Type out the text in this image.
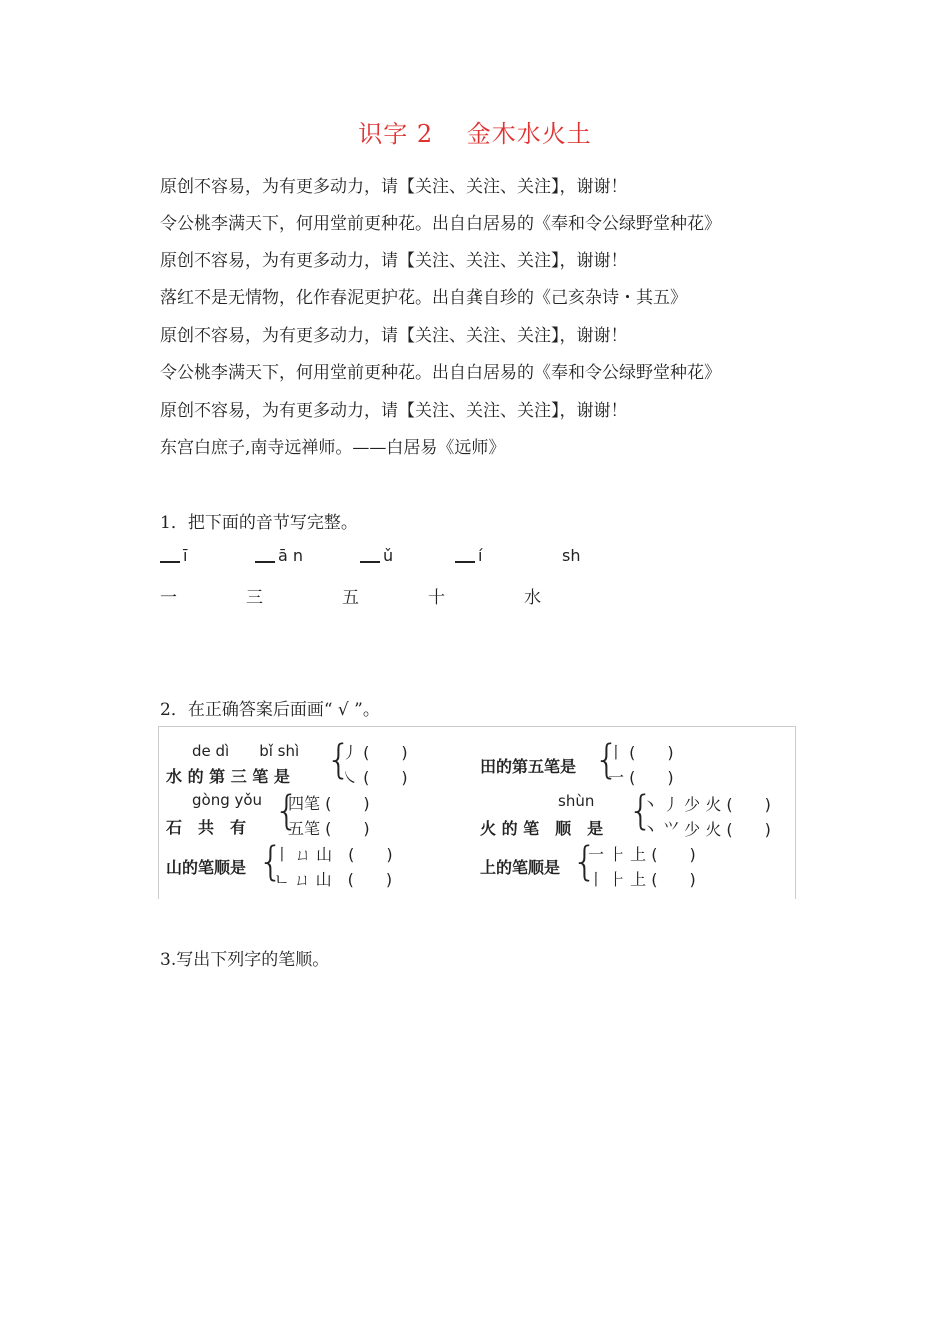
识字 2　 金木水火土
原创不容易，为有更多动力，请【关注、关注、关注】，谢谢！
令公桃李满天下，何用堂前更种花。出自白居易的《奉和令公绿野堂种花》
原创不容易，为有更多动力，请【关注、关注、关注】，谢谢！
落红不是无情物，化作春泥更护花。出自龚自珍的《己亥杂诗・其五》
原创不容易，为有更多动力，请【关注、关注、关注】，谢谢！
令公桃李满天下，何用堂前更种花。出自白居易的《奉和令公绿野堂种花》
原创不容易，为有更多动力，请【关注、关注、关注】，谢谢！
东宫白庶子,南寺远禅师。——白居易《远师》
1．把下面的音节写完整。
ī	ā n	ǔ	í	sh
一	三	五	十	水
2．在正确答案后面画“ √ ”。
de dì　　bǐ shì
水 的 第 三 笔 是 {
丿 (　　)
㇏ (　　)
gòng yǒu
石　共　有 {
四笔 (　　)
五笔 (　　)
山的笔顺是 {
丨 ㄩ 山　(　　)
ㄴ ㄩ 山　(　　)
田的第五笔是 {
丨 (　　)
一 (　　)
shùn
火 的 笔　顺　是 {
丶 丿 少 火 (　　)
丶 ⺍ 少 火 (　　)
上的笔顺是 {
一 ⺊ 上 (　　)
丨 ⺊ 上 (　　)
3.写出下列字的笔顺。
